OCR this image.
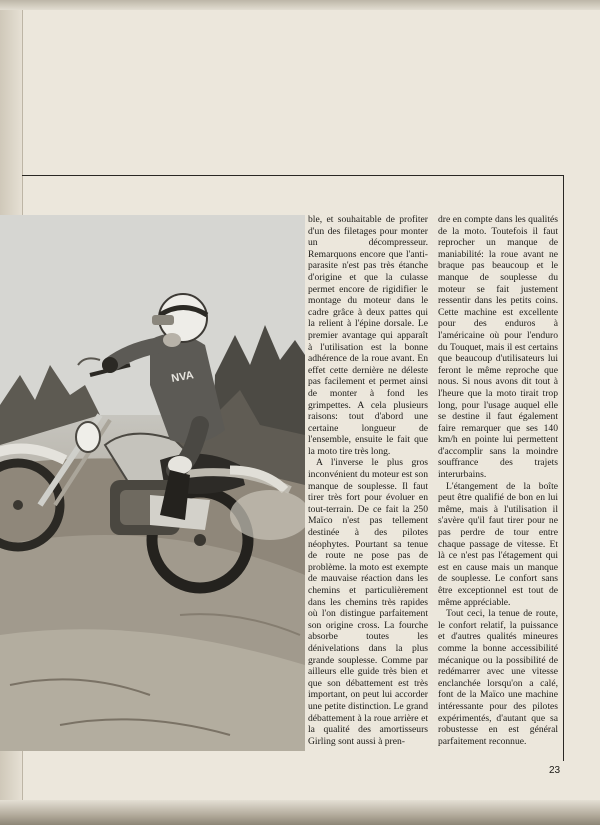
NVA

ble, et souhaitable de profiter d'un des filetages pour monter un décompresseur. Remarquons encore que l'anti-parasite n'est pas très étanche d'origine et que la culasse permet encore de rigidifier le montage du moteur dans le cadre grâce à deux pattes qui la relient à l'épine dorsale. Le premier avantage qui apparaît à l'utilisation est la bonne adhérence de la roue avant. En effet cette dernière ne déleste pas facilement et permet ainsi de monter à fond les grimpettes. A cela plusieurs raisons: tout d'abord une certaine longueur de l'ensemble, ensuite le fait que la moto tire très long.

A l'inverse le plus gros inconvénient du moteur est son manque de souplesse. Il faut tirer très fort pour évoluer en tout-terrain. De ce fait la 250 Maïco n'est pas tellement destinée à des pilotes néophytes. Pourtant sa tenue de route ne pose pas de problème. la moto est exempte de mauvaise réaction dans les chemins et particulièrement dans les chemins très rapides où l'on distingue parfaitement son origine cross. La fourche absorbe toutes les dénivelations dans la plus grande souplesse. Comme par ailleurs elle guide très bien et que son débattement est très important, on peut lui accorder une petite distinction. Le grand débattement à la roue arrière et la qualité des amortisseurs Girling sont aussi à pren-

dre en compte dans les qualités de la moto. Toutefois il faut reprocher un manque de maniabilité: la roue avant ne braque pas beaucoup et le manque de souplesse du moteur se fait justement ressentir dans les petits coins. Cette machine est excellente pour des enduros à l'américaine où pour l'enduro du Touquet, mais il est certains que beaucoup d'utilisateurs lui feront le même reproche que nous. Si nous avons dit tout à l'heure que la moto tirait trop long, pour l'usage auquel elle se destine il faut également faire remarquer que ses 140 km/h en pointe lui permettent d'accomplir sans la moindre souffrance des trajets interurbains.

L'étangement de la boîte peut être qualifié de bon en lui même, mais à l'utilisation il s'avère qu'il faut tirer pour ne pas perdre de tour entre chaque passage de vitesse. Et là ce n'est pas l'étagement qui est en cause mais un manque de souplesse. Le confort sans être exceptionnel est tout de même appréciable.

Tout ceci, la tenue de route, le confort relatif, la puissance et d'autres qualités mineures comme la bonne accessibilité mécanique ou la possibilité de redémarrer avec une vitesse enclanchée lorsqu'on a calé, font de la Maïco une machine intéressante pour des pilotes expérimentés, d'autant que sa robustesse en est général parfaitement reconnue.

23
